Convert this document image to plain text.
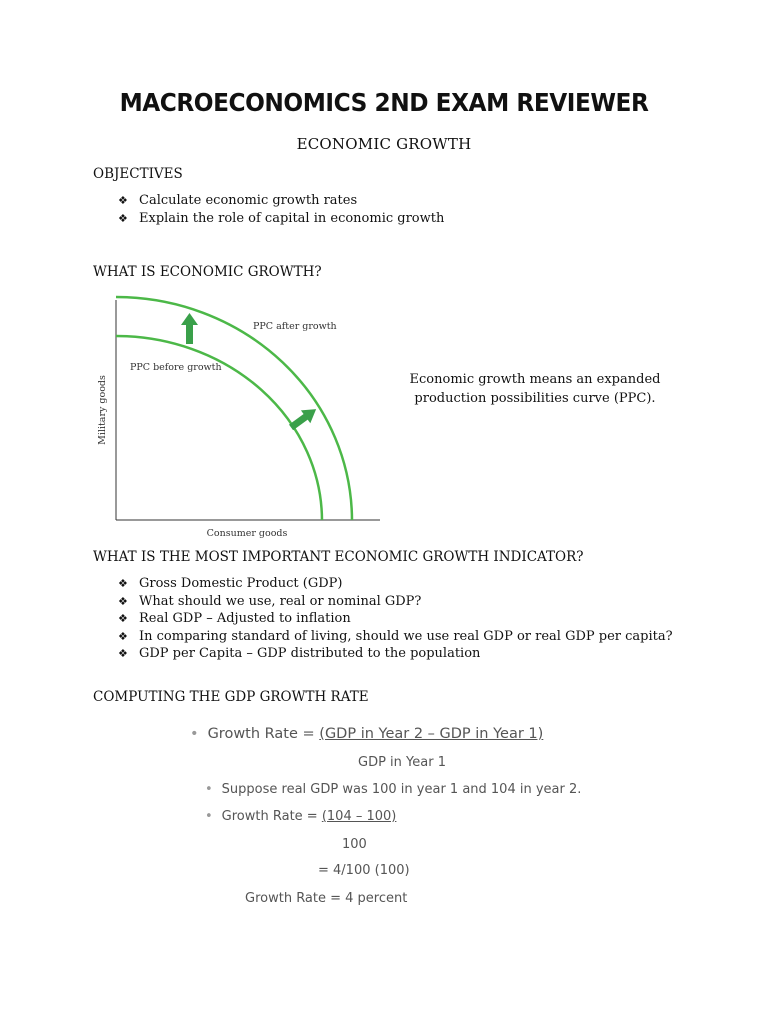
MACROECONOMICS 2ND EXAM REVIEWER
ECONOMIC GROWTH
OBJECTIVES
❖ Calculate economic growth rates
❖ Explain the role of capital in economic growth
WHAT IS ECONOMIC GROWTH?
PPC after growth
PPC before growth
Military goods
Consumer goods
Economic growth means an expanded
production possibilities curve (PPC).
WHAT IS THE MOST IMPORTANT ECONOMIC GROWTH INDICATOR?
❖ Gross Domestic Product (GDP)
❖ What should we use, real or nominal GDP?
❖ Real GDP – Adjusted to inflation
❖ In comparing standard of living, should we use real GDP or real GDP per capita?
❖ GDP per Capita – GDP distributed to the population
COMPUTING THE GDP GROWTH RATE
• Growth Rate = (GDP in Year 2 – GDP in Year 1)
GDP in Year 1
• Suppose real GDP was 100 in year 1 and 104 in year 2.
• Growth Rate = (104 – 100)
100
= 4/100 (100)
Growth Rate = 4 percent
